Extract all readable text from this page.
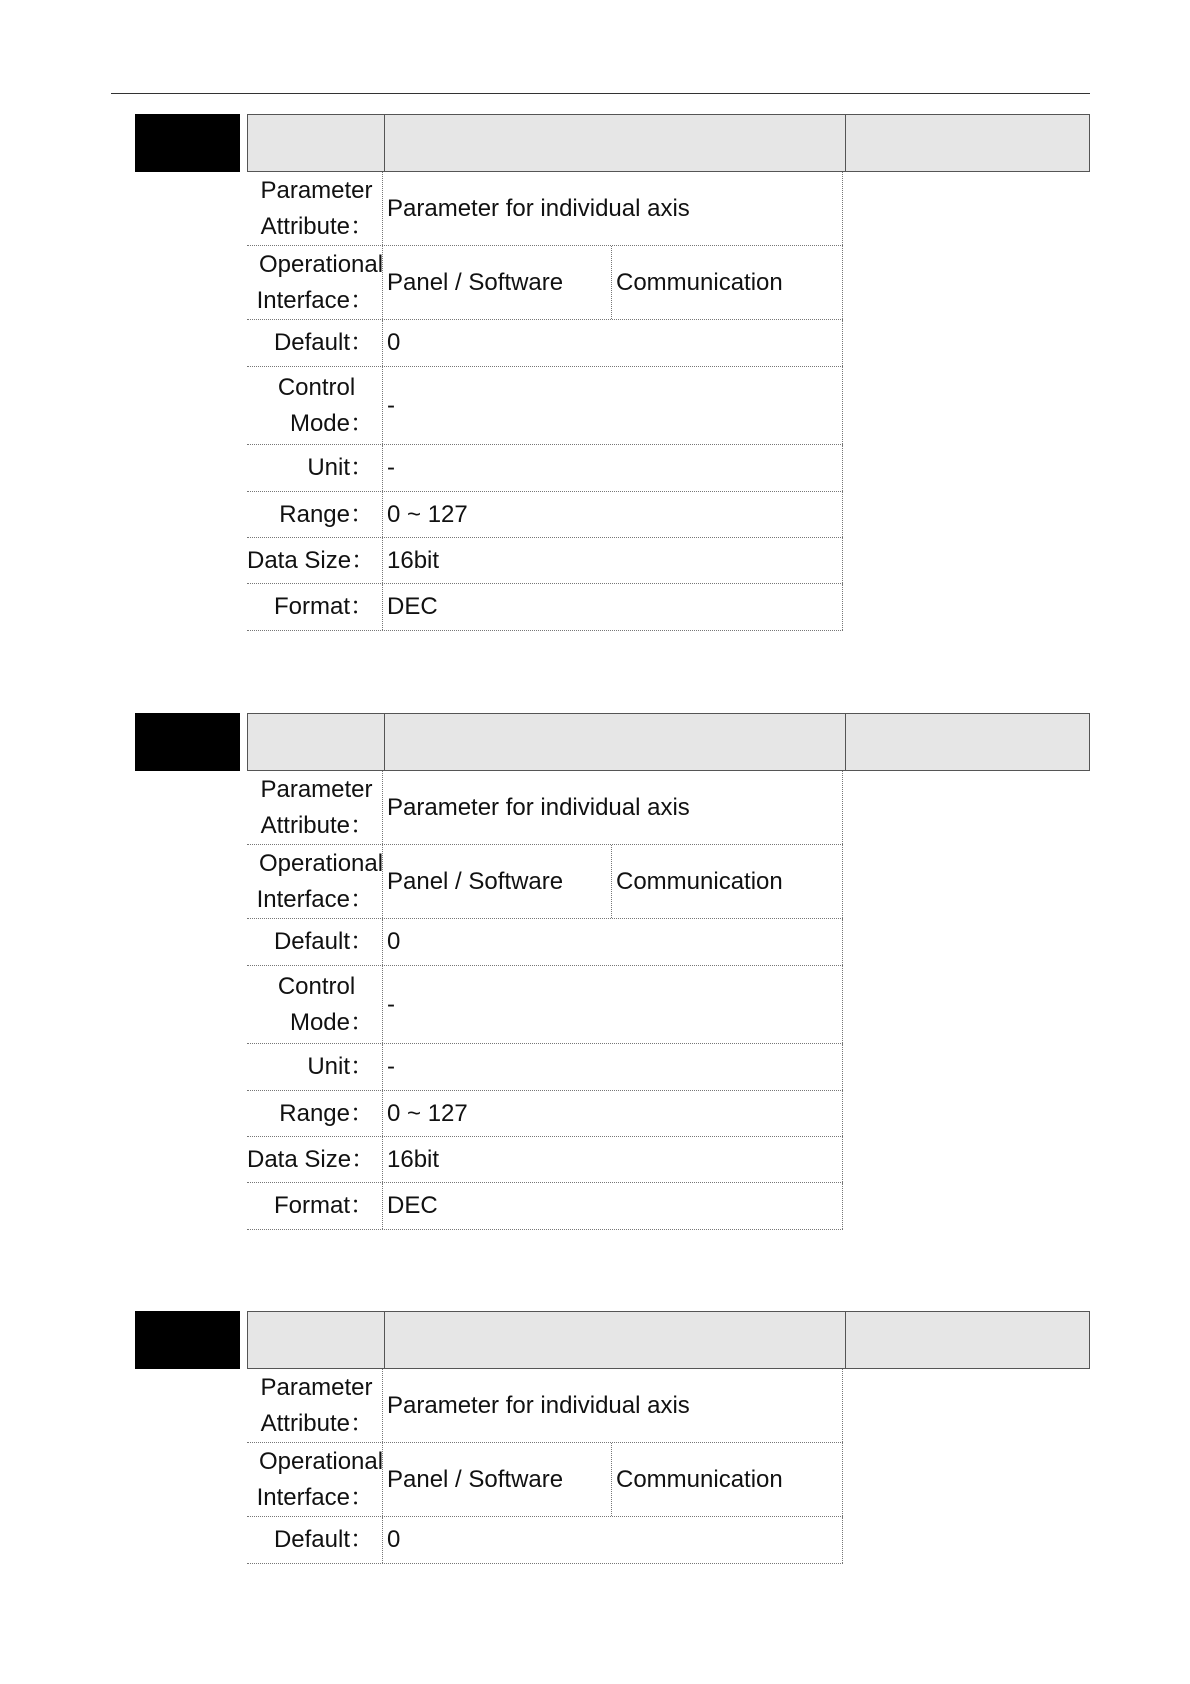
Parameter
Attribute：
Parameter for individual axis
Operational
Interface：
Panel / Software	Communication
Default： 0
Control
Mode：
-
Unit： -
Range： 0 ~ 127
Data Size： 16bit
Format： DEC
Parameter
Attribute：
Parameter for individual axis
Operational
Interface：
Panel / Software	Communication
Default： 0
Control
Mode：
-
Unit： -
Range： 0 ~ 127
Data Size： 16bit
Format： DEC
Parameter
Attribute：
Parameter for individual axis
Operational
Interface：
Panel / Software	Communication
Default： 0
